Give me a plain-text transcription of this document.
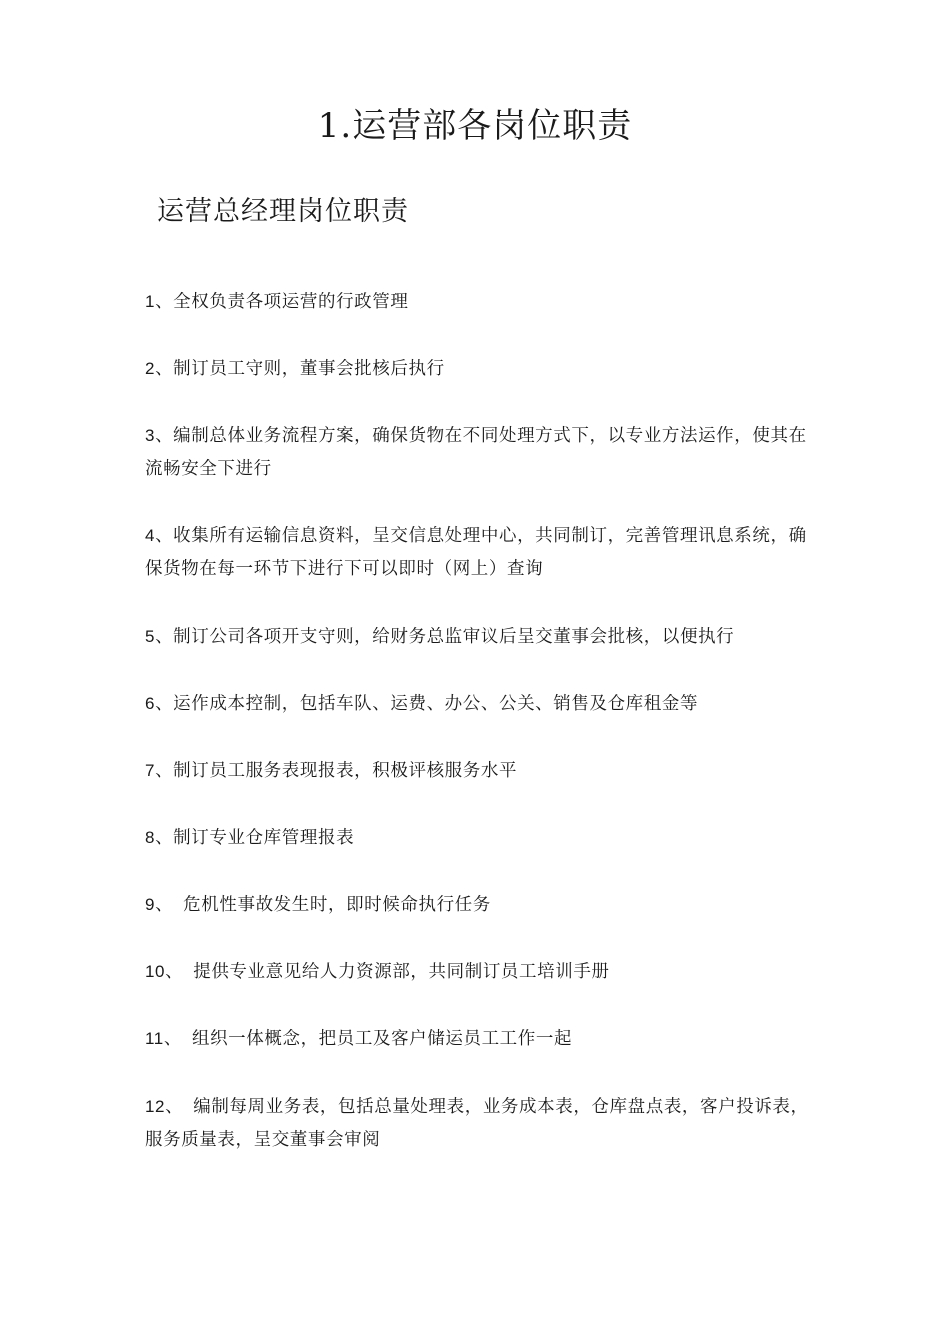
1.运营部各岗位职责
运营总经理岗位职责
1、全权负责各项运营的行政管理
2、制订员工守则，董事会批核后执行
3、编制总体业务流程方案，确保货物在不同处理方式下，以专业方法运作，使其在流畅安全下进行
4、收集所有运输信息资料，呈交信息处理中心，共同制订，完善管理讯息系统，确保货物在每一环节下进行下可以即时（网上）查询
5、制订公司各项开支守则，给财务总监审议后呈交董事会批核，以便执行
6、运作成本控制，包括车队、运费、办公、公关、销售及仓库租金等
7、制订员工服务表现报表，积极评核服务水平
8、制订专业仓库管理报表
9、 危机性事故发生时，即时候命执行任务
10、 提供专业意见给人力资源部，共同制订员工培训手册
11、 组织一体概念，把员工及客户储运员工工作一起
12、 编制每周业务表，包括总量处理表，业务成本表，仓库盘点表，客户投诉表，服务质量表，呈交董事会审阅
